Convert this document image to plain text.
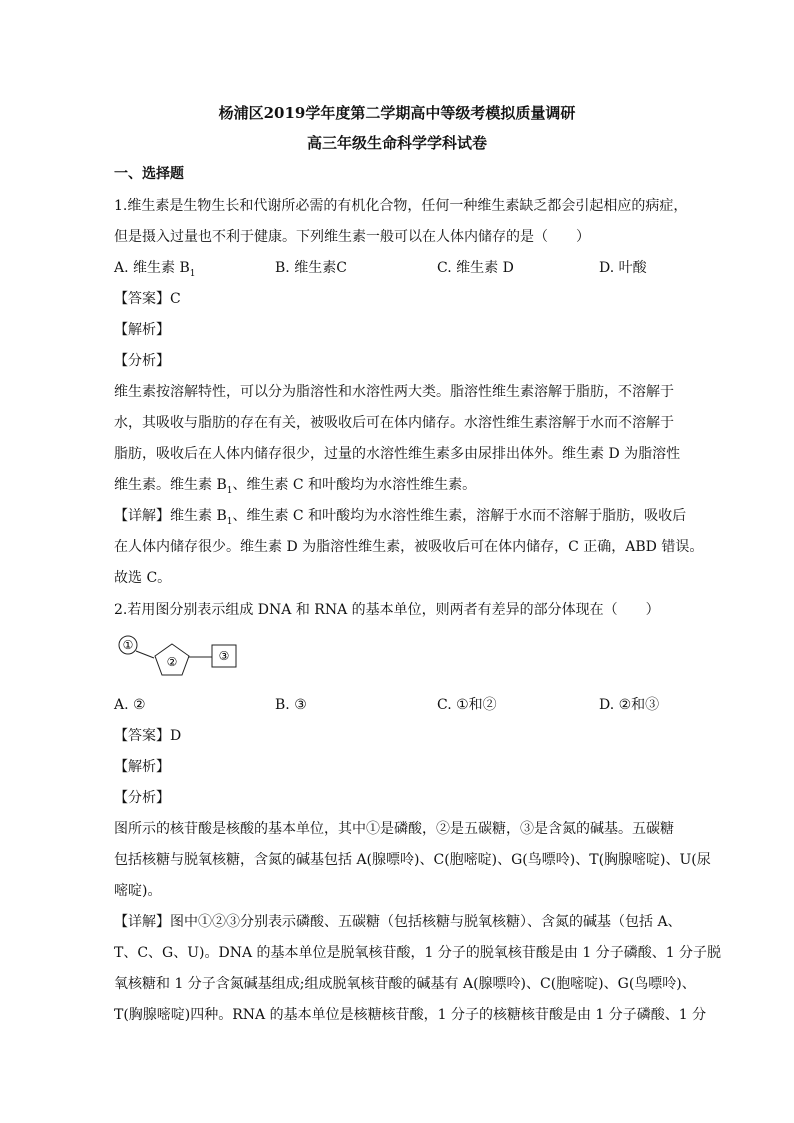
杨浦区2019学年度第二学期高中等级考模拟质量调研
高三年级生命科学学科试卷
一、选择题
1.维生素是生物生长和代谢所必需的有机化合物，任何一种维生素缺乏都会引起相应的病症，
但是摄入过量也不利于健康。下列维生素一般可以在人体内储存的是（　　）
A. 维生素 $B_1$	B. 维生素C	C. 维生素 D	D. 叶酸
【答案】C
【解析】
【分析】
维生素按溶解特性，可以分为脂溶性和水溶性两大类。脂溶性维生素溶解于脂肪，不溶解于
水，其吸收与脂肪的存在有关，被吸收后可在体内储存。水溶性维生素溶解于水而不溶解于
脂肪，吸收后在人体内储存很少，过量的水溶性维生素多由尿排出体外。维生素 D 为脂溶性
维生素。维生素 $B_1$、维生素 C 和叶酸均为水溶性维生素。
【详解】维生素 $B_1$、维生素 C 和叶酸均为水溶性维生素，溶解于水而不溶解于脂肪，吸收后
在人体内储存很少。维生素 D 为脂溶性维生素，被吸收后可在体内储存，C 正确，ABD 错误。
故选 C。
2.若用图分别表示组成 DNA 和 RNA 的基本单位，则两者有差异的部分体现在（　　）
①
②	③
A. ②	B. ③	C. ①和②	D. ②和③
【答案】D
【解析】
【分析】
图所示的核苷酸是核酸的基本单位，其中①是磷酸，②是五碳糖，③是含氮的碱基。五碳糖
包括核糖与脱氧核糖，含氮的碱基包括 A(腺嘌呤)、C(胞嘧啶)、G(鸟嘌呤)、T(胸腺嘧啶)、U(尿
嘧啶)。
【详解】图中①②③分别表示磷酸、五碳糖（包括核糖与脱氧核糖）、含氮的碱基（包括 A、
T、C、G、U)。DNA 的基本单位是脱氧核苷酸，1 分子的脱氧核苷酸是由 1 分子磷酸、1 分子脱
氧核糖和 1 分子含氮碱基组成;组成脱氧核苷酸的碱基有 A(腺嘌呤)、C(胞嘧啶)、G(鸟嘌呤)、
T(胸腺嘧啶)四种。RNA 的基本单位是核糖核苷酸，1 分子的核糖核苷酸是由 1 分子磷酸、1 分
